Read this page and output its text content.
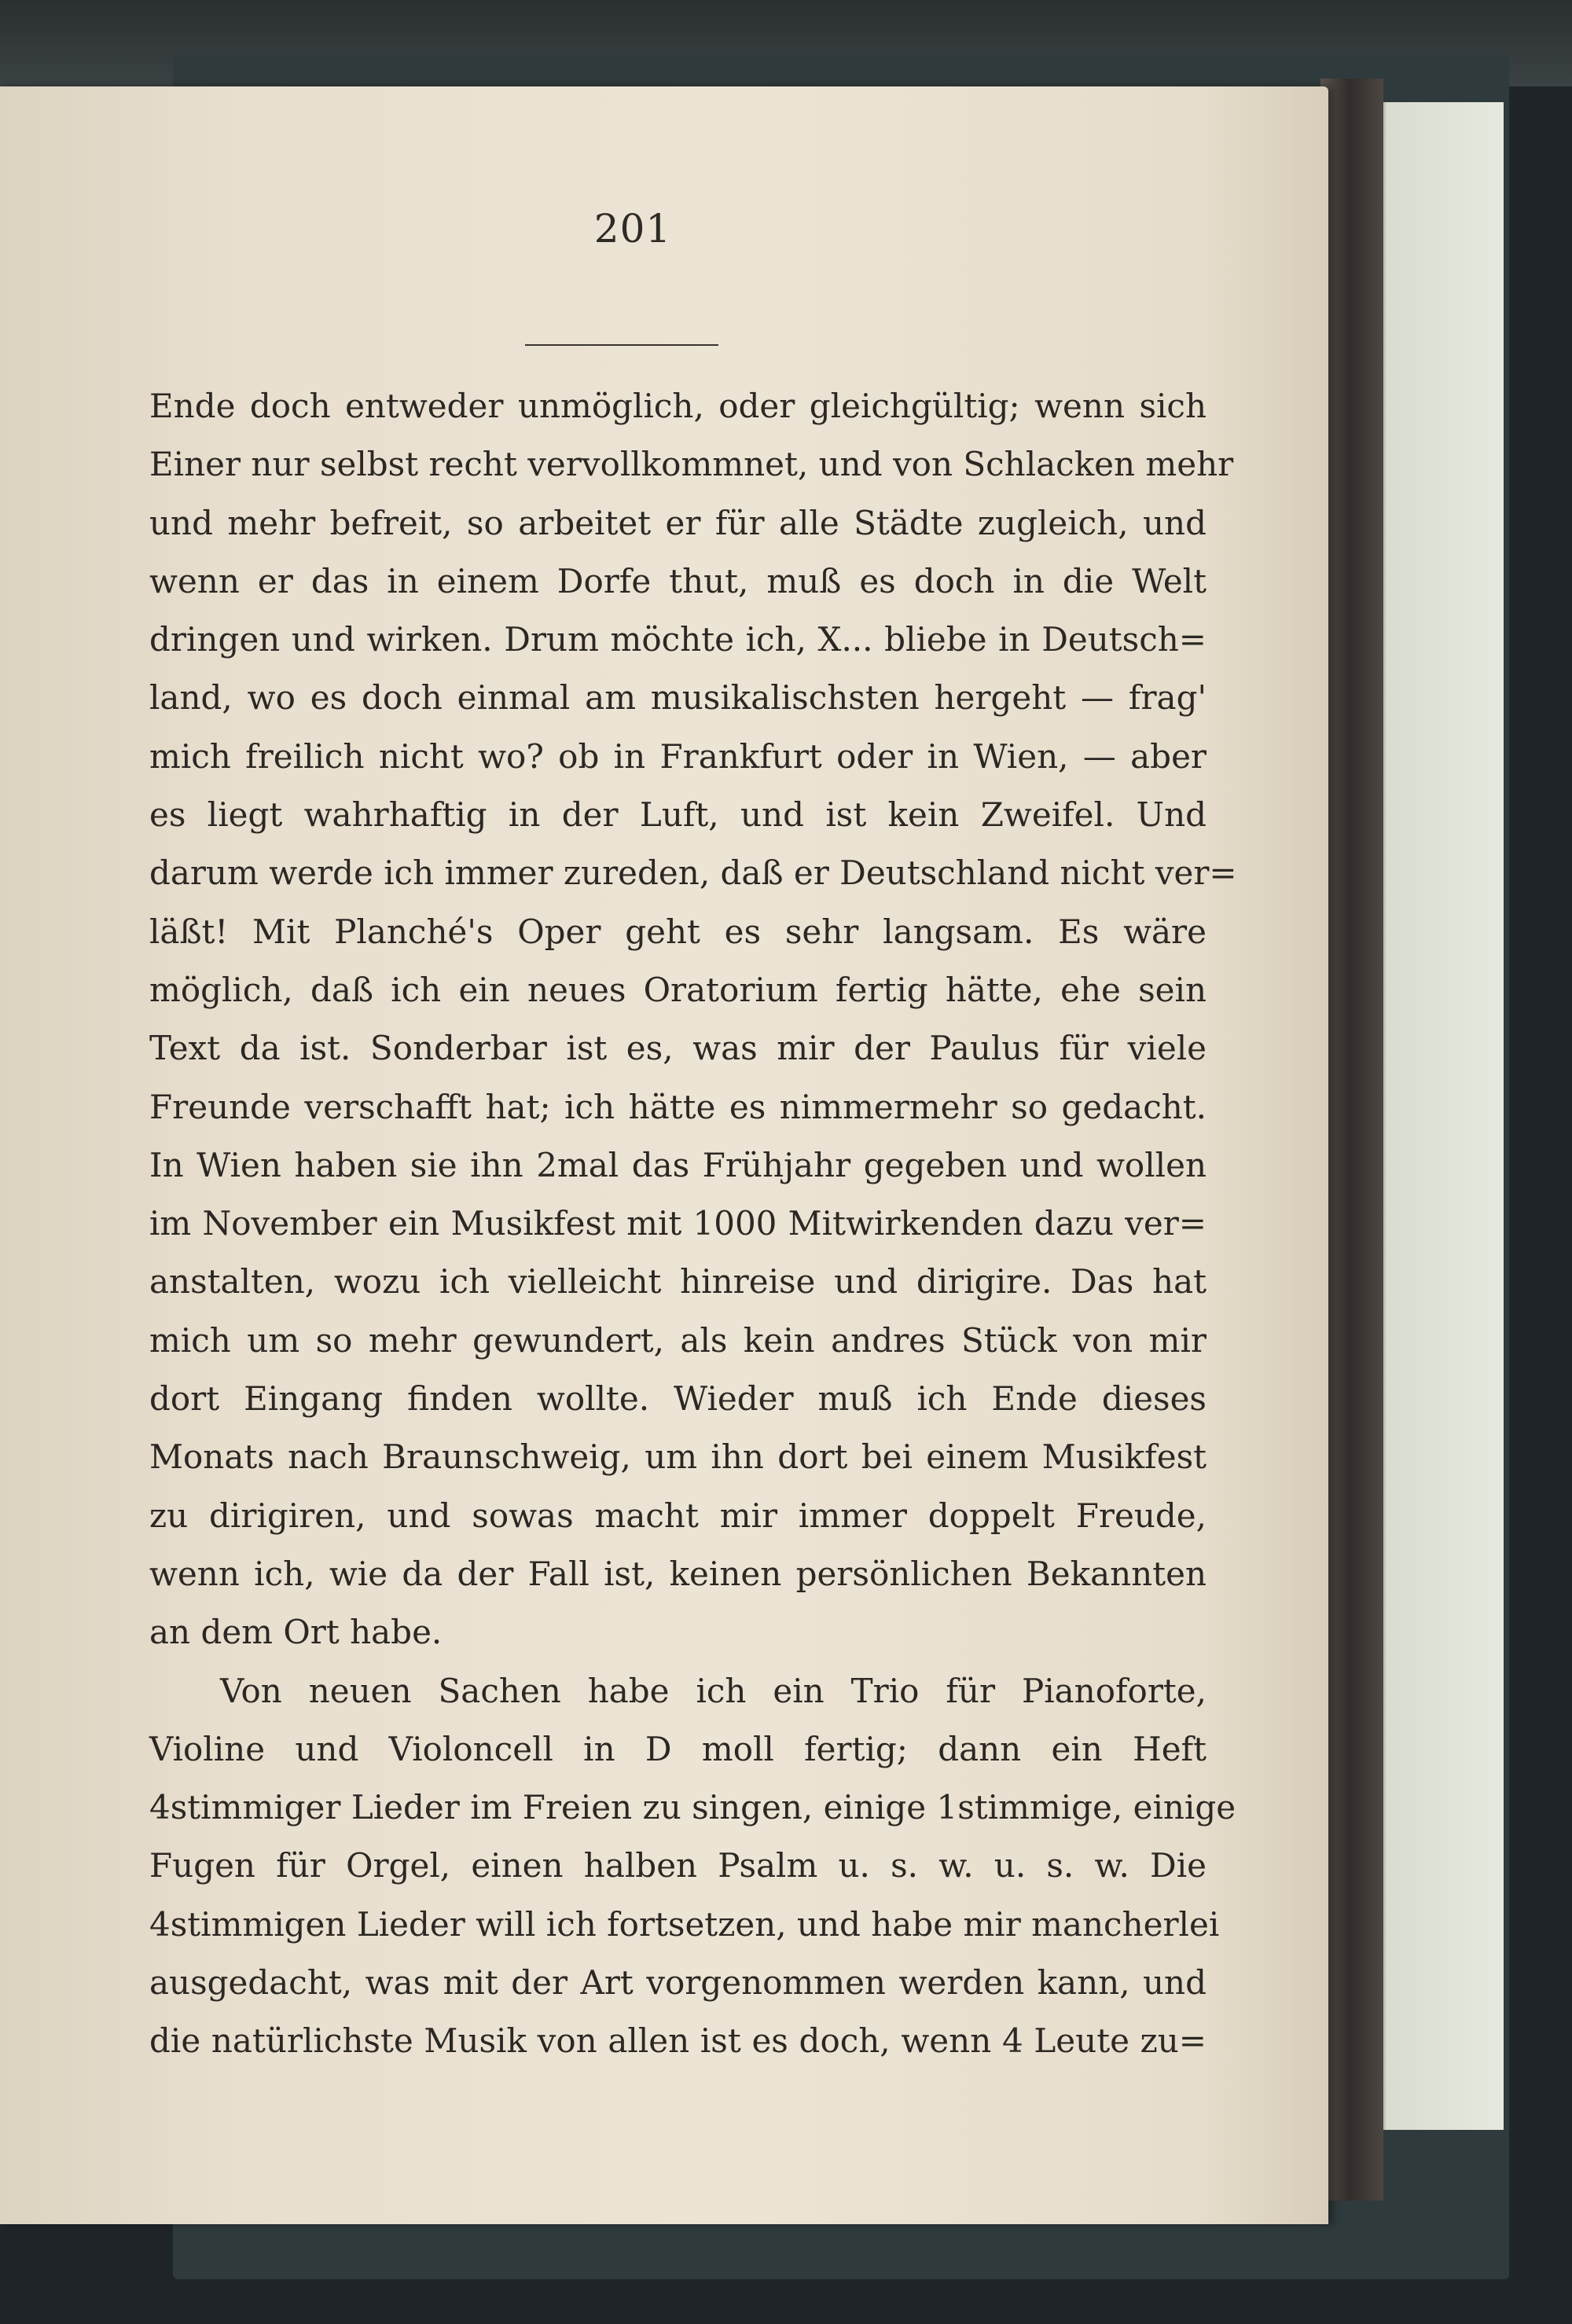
201
Ende doch entweder unmöglich, oder gleichgültig; wenn sich
Einer nur selbst recht vervollkommnet, und von Schlacken mehr
und mehr befreit, so arbeitet er für alle Städte zugleich, und
wenn er das in einem Dorfe thut, muß es doch in die Welt
dringen und wirken. Drum möchte ich, X... bliebe in Deutsch=
land, wo es doch einmal am musikalischsten hergeht — frag'
mich freilich nicht wo? ob in Frankfurt oder in Wien, — aber
es liegt wahrhaftig in der Luft, und ist kein Zweifel. Und
darum werde ich immer zureden, daß er Deutschland nicht ver=
läßt! Mit Planché's Oper geht es sehr langsam. Es wäre
möglich, daß ich ein neues Oratorium fertig hätte, ehe sein
Text da ist. Sonderbar ist es, was mir der Paulus für viele
Freunde verschafft hat; ich hätte es nimmermehr so gedacht.
In Wien haben sie ihn 2mal das Frühjahr gegeben und wollen
im November ein Musikfest mit 1000 Mitwirkenden dazu ver=
anstalten, wozu ich vielleicht hinreise und dirigire. Das hat
mich um so mehr gewundert, als kein andres Stück von mir
dort Eingang finden wollte. Wieder muß ich Ende dieses
Monats nach Braunschweig, um ihn dort bei einem Musikfest
zu dirigiren, und sowas macht mir immer doppelt Freude,
wenn ich, wie da der Fall ist, keinen persönlichen Bekannten
an dem Ort habe.
Von neuen Sachen habe ich ein Trio für Pianoforte,
Violine und Violoncell in D moll fertig; dann ein Heft
4stimmiger Lieder im Freien zu singen, einige 1stimmige, einige
Fugen für Orgel, einen halben Psalm u. s. w. u. s. w. Die
4stimmigen Lieder will ich fortsetzen, und habe mir mancherlei
ausgedacht, was mit der Art vorgenommen werden kann, und
die natürlichste Musik von allen ist es doch, wenn 4 Leute zu=
